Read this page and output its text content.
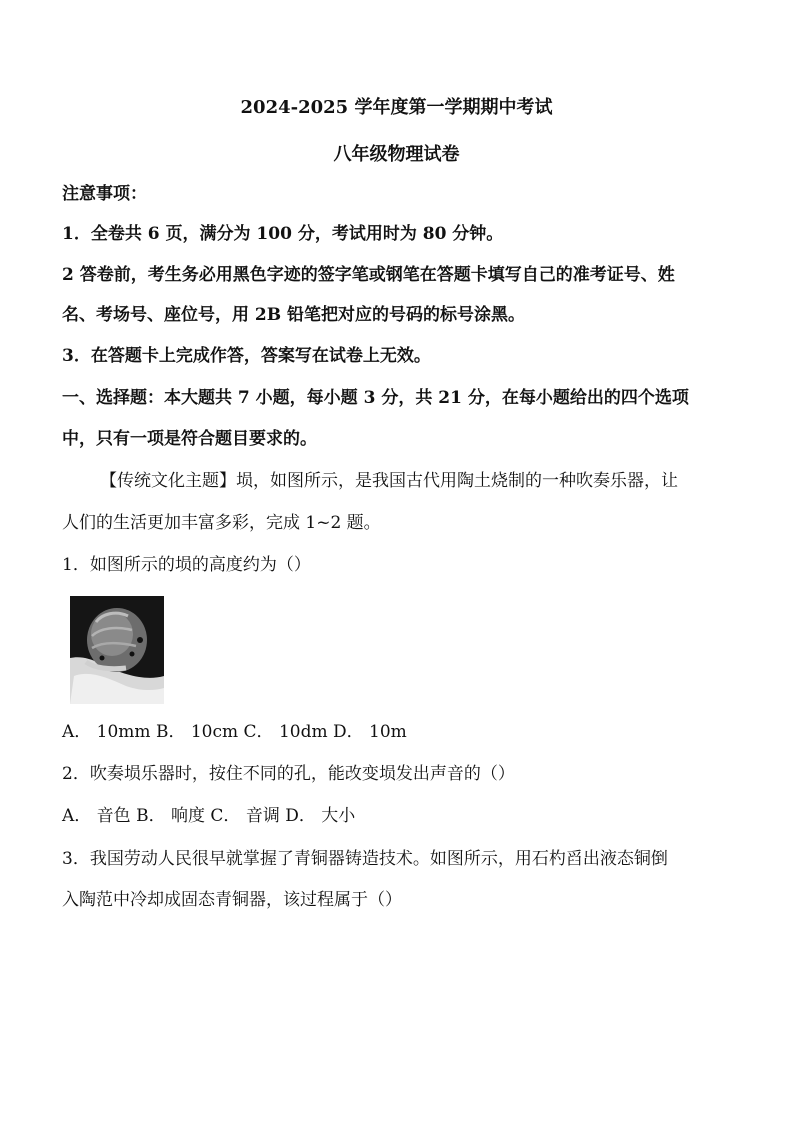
2024-2025 学年度第一学期期中考试
八年级物理试卷
注意事项：
1．全卷共 6 页，满分为 100 分，考试用时为 80 分钟。
2 答卷前，考生务必用黑色字迹的签字笔或钢笔在答题卡填写自己的准考证号、姓
名、考场号、座位号，用 2B 铅笔把对应的号码的标号涂黑。
3．在答题卡上完成作答，答案写在试卷上无效。
一、选择题：本大题共 7 小题，每小题 3 分，共 21 分，在每小题给出的四个选项
中，只有一项是符合题目要求的。
【传统文化主题】埙，如图所示，是我国古代用陶土烧制的一种吹奏乐器，让
人们的生活更加丰富多彩，完成 1~2 题。
1．如图所示的埙的高度约为（）
A． 10mm B． 10cm C． 10dm D． 10m
2．吹奏埙乐器时，按住不同的孔，能改变埙发出声音的（）
A． 音色 B． 响度 C． 音调 D． 大小
3．我国劳动人民很早就掌握了青铜器铸造技术。如图所示，用石杓舀出液态铜倒
入陶范中冷却成固态青铜器，该过程属于（）
